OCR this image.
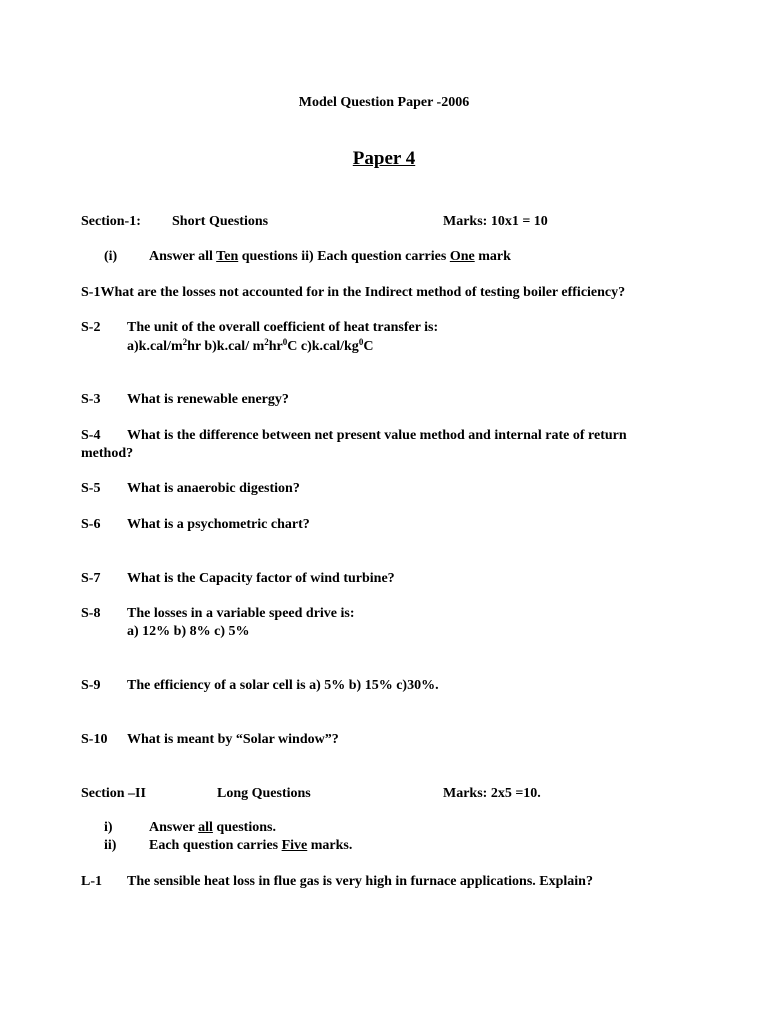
Model Question Paper -2006
Paper 4
Section-1: Short Questions	Marks: 10x1 = 10
(i) Answer all Ten questions ii) Each question carries One mark
S-1What are the losses not accounted for in the Indirect method of testing boiler efficiency?
S-2 The unit of the overall coefficient of heat transfer is:
$a)k.cal/m^2hr$ b)k.cal/ $m^2hr^0C$ $c)k.cal/kg^0C$
S-3 What is renewable energy?
S-4 What is the difference between net present value method and internal rate of return
method?
S-5 What is anaerobic digestion?
S-6 What is a psychometric chart?
S-7 What is the Capacity factor of wind turbine?
S-8 The losses in a variable speed drive is:
a) 12% b) 8% c) 5%
S-9 The efficiency of a solar cell is a) 5% b) 15% c)30%.
S-10 What is meant by “Solar window”?
Section –II	Long Questions	Marks: 2x5 =10.
i)	Answer all questions.
ii) Each question carries Five marks.
L-1 The sensible heat loss in flue gas is very high in furnace applications. Explain?
